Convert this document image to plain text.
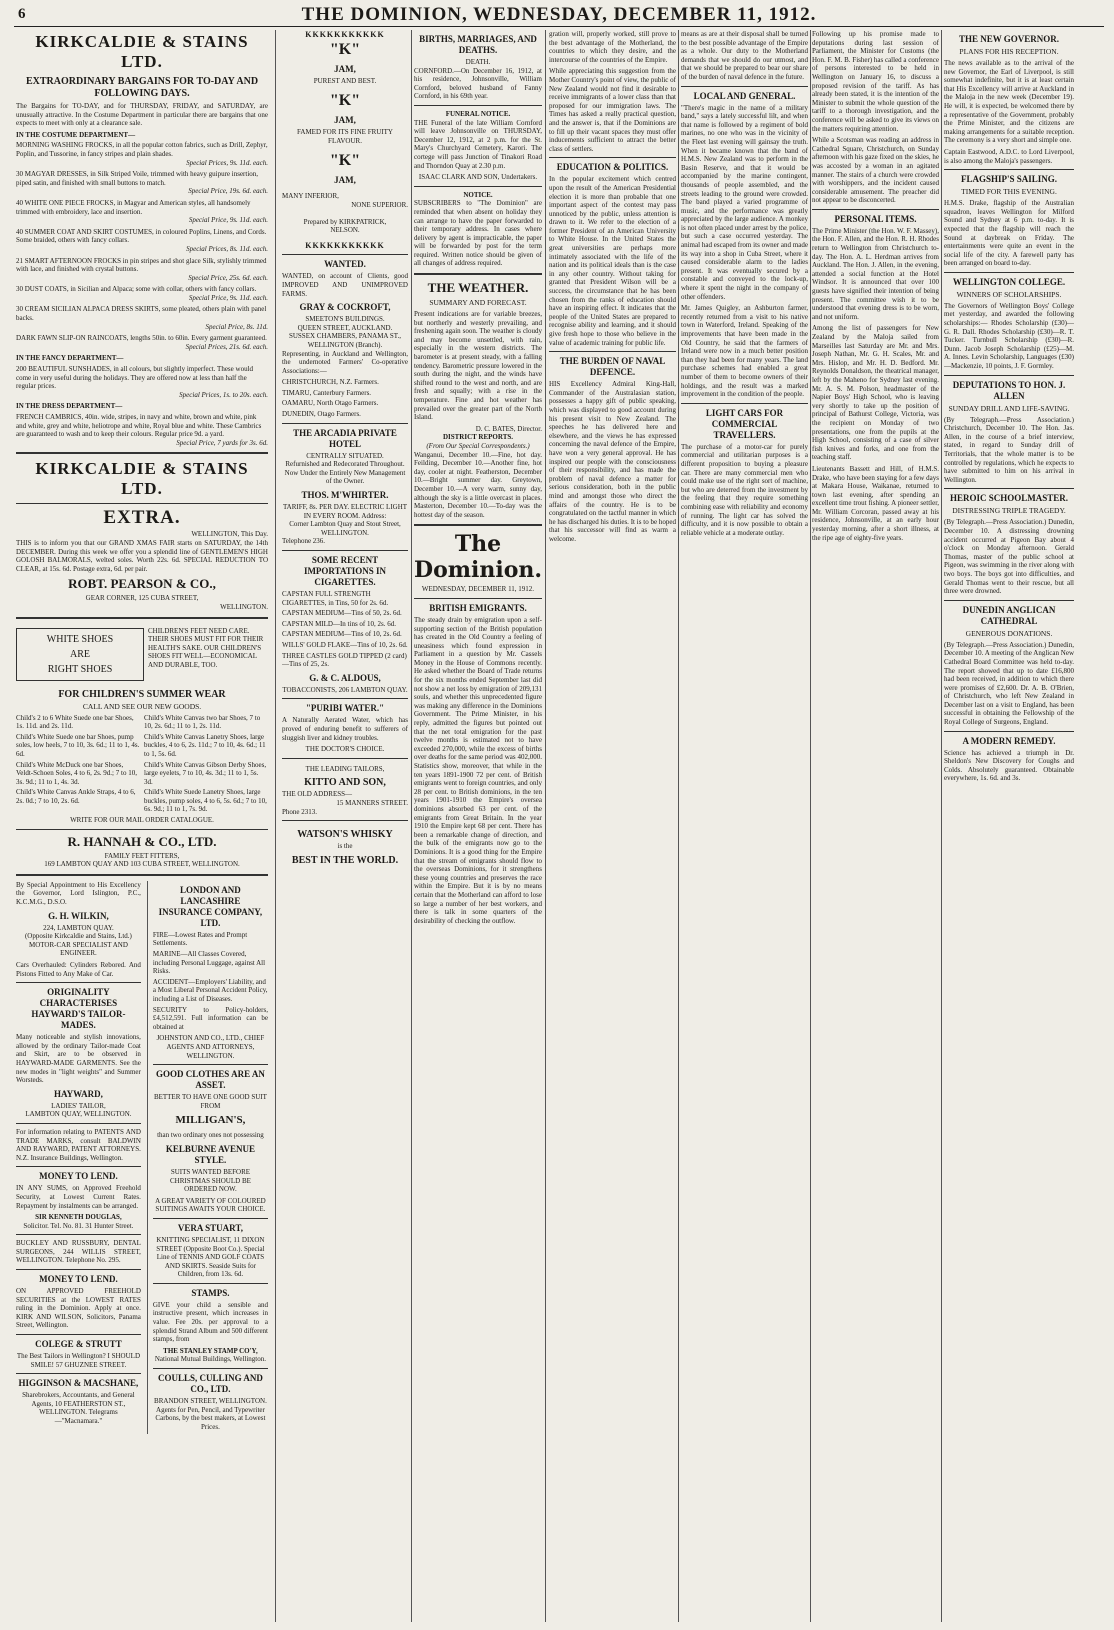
6	THE DOMINION, WEDNESDAY, DECEMBER 11, 1912.
KIRKCALDIE & STAINS LTD.
EXTRAORDINARY BARGAINS FOR TO-DAY AND FOLLOWING DAYS.

The Bargains for TO-DAY, and for THURSDAY, FRIDAY, and SATURDAY, are unusually attractive. In the Costume Department in particular there are bargains that one expects to meet with only at a clearance sale.

IN THE COSTUME DEPARTMENT—
MORNING WASHING FROCKS, in all the popular cotton fabrics, such as Drill, Zephyr, Poplin, and Tussorine, in fancy stripes and plain shades.
Special Prices, 9s. 11d. each.
30 MAGYAR DRESSES, in Silk Striped Voile, trimmed with heavy guipure insertion, piped satin, and finished with small buttons to match.
Special Price, 19s. 6d. each.
40 WHITE ONE PIECE FROCKS, in Magyar and American styles, all handsomely trimmed with embroidery, lace and insertion.
Special Price, 9s. 11d. each.
40 SUMMER COAT AND SKIRT COSTUMES, in coloured Poplins, Linens, and Cords. Some braided, others with fancy collars.
Special Prices, 8s. 11d. each.
21 SMART AFTERNOON FROCKS in pin stripes and shot glace Silk, stylishly trimmed with lace, and finished with crystal buttons.
Special Price, 25s. 6d. each.
30 DUST COATS, in Sicilian and Alpaca; some with collar, others with fancy collars.
Special Price, 9s. 11d. each.
30 CREAM SICILIAN ALPACA DRESS SKIRTS, some pleated, others plain with panel backs.
Special Price, 8s. 11d.
DARK FAWN SLIP-ON RAINCOATS, lengths 50in. to 60in. Every garment guaranteed.
Special Prices, 21s. 6d. each.
IN THE FANCY DEPARTMENT—
200 BEAUTIFUL SUNSHADES, in all colours, but slightly imperfect. These would come in very useful during the holidays. They are offered now at less than half the regular prices.
Special Prices, 1s. to 20s. each.
IN THE DRESS DEPARTMENT—
FRENCH CAMBRICS, 40in. wide, stripes, in navy and white, brown and white, pink and white, grey and white, heliotrope and white, Royal blue and white. These Cambrics are guaranteed to wash and to keep their colours. Regular price 9d. a yard.
Special Price, 7 yards for 3s. 6d.
KIRKCALDIE & STAINS LTD.
EXTRA.
WELLINGTON, This Day.

THIS is to inform you that our GRAND XMAS FAIR starts on SATURDAY, the 14th DECEMBER. During this week we offer you a splendid line of GENTLEMEN'S HIGH GOLOSH BALMORALS, welted soles. Worth 22s. 6d. SPECIAL REDUCTION TO CLEAR, at 15s. 6d. Postage extra, 6d. per pair.

ROBT. PEARSON & CO.,
GEAR CORNER, 125 CUBA STREET,
WELLINGTON.
WHITE SHOES
ARE
RIGHT SHOES
CHILDREN'S FEET NEED CARE. THEIR SHOES MUST FIT FOR THEIR HEALTH'S SAKE. OUR CHILDREN'S SHOES FIT WELL—ECONOMICAL AND DURABLE, TOO.
FOR CHILDREN'S SUMMER WEAR
CALL AND SEE OUR NEW GOODS.
Child's 2 to 6 White Suede one bar Shoes, 1s. 11d. and 2s. 11d.
Child's White Suede one bar Shoes, pump soles, low heels, 7 to 10, 3s. 6d.; 11 to 1, 4s. 6d.
Child's White McDuck one bar Shoes, Veldt-Schoen Soles, 4 to 6, 2s. 9d.; 7 to 10, 3s. 9d.; 11 to 1, 4s. 3d.
Child's White Canvas Ankle Straps, 4 to 6, 2s. 0d.; 7 to 10, 2s. 6d.
Child's White Canvas two bar Shoes, 7 to 10, 2s. 6d.; 11 to 1, 2s. 11d.
Child's White Canvas Lanetry Shoes, large buckles, 4 to 6, 2s. 11d.; 7 to 10, 4s. 6d.; 11 to 1, 5s. 6d.
Child's White Canvas Gibson Derby Shoes, large eyelets, 7 to 10, 4s. 3d.; 11 to 1, 5s. 3d.
Child's White Suede Lanetry Shoes, large buckles, pump soles, 4 to 6, 5s. 6d.; 7 to 10, 6s. 9d.; 11 to 1, 7s. 9d.
WRITE FOR OUR MAIL ORDER CATALOGUE.
R. HANNAH & CO., LTD.
FAMILY FEET FITTERS,
169 LAMBTON QUAY AND 103 CUBA STREET, WELLINGTON.

By Special Appointment to His Excellency the Governor, Lord Islington, P.C., K.C.M.G., D.S.O.

G. H. WILKIN,
224, LAMBTON QUAY.

(Opposite Kirkcaldie and Stains, Ltd.) MOTOR-CAR SPECIALIST AND ENGINEER.

Cars Overhauled: Cylinders Rebored. And Pistons Fitted to Any Make of Car.

ORIGINALITY CHARACTERISES HAYWARD'S TAILOR-MADES.

Many noticeable and stylish innovations, allowed by the ordinary Tailor-made Coat and Skirt, are to be observed in HAYWARD-MADE GARMENTS. See the new modes in "light weights" and Summer Worsteds.

HAYWARD,
LADIES' TAILOR,
LAMBTON QUAY, WELLINGTON.

For information relating to PATENTS AND TRADE MARKS, consult BALDWIN AND RAYWARD, PATENT ATTORNEYS. N.Z. Insurance Buildings, Wellington.

MONEY TO LEND.

IN ANY SUMS, on Approved Freehold Security, at Lowest Current Rates. Repayment by instalments can be arranged.

SIR KENNETH DOUGLAS,
Solicitor. Tel. No. 81. 31 Hunter Street.

BUCKLEY AND RUSSBURY, DENTAL SURGEONS, 244 WILLIS STREET, WELLINGTON. Telephone No. 295.

MONEY TO LEND.

ON APPROVED FREEHOLD SECURITIES at the LOWEST RATES ruling in the Dominion. Apply at once. KIRK AND WILSON, Solicitors, Panama Street, Wellington.

COLEGE & STRUTT

The Best Tailors in Wellington? I SHOULD SMILE! 57 GHUZNEE STREET.

HIGGINSON & MACSHANE,

Sharebrokers, Accountants, and General Agents, 10 FEATHERSTON ST., WELLINGTON. Telegrams—"Macnamara."

LONDON AND LANCASHIRE INSURANCE COMPANY, LTD.
FIRE—Lowest Rates and Prompt Settlements.
MARINE—All Classes Covered, including Personal Luggage, against All Risks.
ACCIDENT—Employers' Liability, and a Most Liberal Personal Accident Policy, including a List of Diseases.

SECURITY to Policy-holders, £4,512,591. Full information can be obtained at

JOHNSTON AND CO., LTD., CHIEF AGENTS AND ATTORNEYS, WELLINGTON.

GOOD CLOTHES ARE AN ASSET.
BETTER TO HAVE ONE GOOD SUIT FROM
MILLIGAN'S,
than two ordinary ones not possessing
KELBURNE AVENUE STYLE.

SUITS WANTED BEFORE CHRISTMAS SHOULD BE ORDERED NOW.

A GREAT VARIETY OF COLOURED SUITINGS AWAITS YOUR CHOICE.

VERA STUART,

KNITTING SPECIALIST, 11 DIXON STREET (Opposite Boot Co.). Special Line of TENNIS AND GOLF COATS AND SKIRTS. Seaside Suits for Children, from 13s. 6d.

STAMPS.

GIVE your child a sensible and instructive present, which increases in value. Fee 20s. per approval to a splendid Strand Album and 500 different stamps, from

THE STANLEY STAMP CO'Y,
National Mutual Buildings, Wellington.
COULLS, CULLING AND CO., LTD.
BRANDON STREET, WELLINGTON.

Agents for Pen, Pencil, and Typewriter Carbons, by the best makers, at Lowest Prices.

KKKKKKKKKKK
"K"
JAM,
PUREST AND BEST.
"K"
JAM,
FAMED FOR ITS FINE FRUITY FLAVOUR.
"K"
JAM,
MANY INFERIOR,
NONE SUPERIOR.
Prepared by KIRKPATRICK,
NELSON.
KKKKKKKKKKK
WANTED.

WANTED, on account of Clients, good IMPROVED AND UNIMPROVED FARMS.

GRAY & COCKROFT,
SMEETON'S BUILDINGS.
QUEEN STREET, AUCKLAND.
SUSSEX CHAMBERS, PANAMA ST., WELLINGTON (Branch).

Representing, in Auckland and Wellington, the undernoted Farmers' Co-operative Associations:—

CHRISTCHURCH, N.Z. Farmers.
TIMARU, Canterbury Farmers.
OAMARU, North Otago Farmers.
DUNEDIN, Otago Farmers.
THE ARCADIA PRIVATE HOTEL
CENTRALLY SITUATED.

Refurnished and Redecorated Throughout. Now Under the Entirely New Management of the Owner.

THOS. M'WHIRTER.
TARIFF, 8s. PER DAY. ELECTRIC LIGHT IN EVERY ROOM. Address:
Corner Lambton Quay and Stout Street, WELLINGTON.
Telephone 236.
SOME RECENT IMPORTATIONS IN CIGARETTES.
CAPSTAN FULL STRENGTH CIGARETTES, in Tins, 50 for 2s. 6d.
CAPSTAN MEDIUM—Tins of 50, 2s. 6d.
CAPSTAN MILD—In tins of 10, 2s. 6d.
CAPSTAN MEDIUM—Tins of 10, 2s. 6d.
WILLS' GOLD FLAKE—Tins of 10, 2s. 6d.
THREE CASTLES GOLD TIPPED (2 card)—Tins of 25, 2s.
G. & C. ALDOUS,
TOBACCONISTS, 206 LAMBTON QUAY.
"PURIBI WATER."

A Naturally Aerated Water, which has proved of enduring benefit to sufferers of sluggish liver and kidney troubles.

THE DOCTOR'S CHOICE.
THE LEADING TAILORS,
KITTO AND SON,
THE OLD ADDRESS—
15 MANNERS STREET.
Phone 2313.
WATSON'S WHISKY
is the
BEST IN THE WORLD.
BIRTHS, MARRIAGES, AND DEATHS.
DEATH.

CORNFORD.—On December 16, 1912, at his residence, Johnsonville, William Cornford, beloved husband of Fanny Cornford, in his 69th year.

FUNERAL NOTICE.

THE Funeral of the late William Cornford will leave Johnsonville on THURSDAY, December 12, 1912, at 2 p.m. for the St. Mary's Churchyard Cemetery, Karori. The cortege will pass Junction of Tinakori Road and Thorndon Quay at 2.30 p.m.

ISAAC CLARK AND SON, Undertakers.
NOTICE.

SUBSCRIBERS to "The Dominion" are reminded that when absent on holiday they can arrange to have the paper forwarded to their temporary address. In cases where delivery by agent is impracticable, the paper will be forwarded by post for the term required. Written notice should be given of all changes of address required.

THE WEATHER.
SUMMARY AND FORECAST.

Present indications are for variable breezes, but northerly and westerly prevailing, and freshening again soon. The weather is cloudy and may become unsettled, with rain, especially in the western districts. The barometer is at present steady, with a falling tendency. Barometric pressure lowered in the south during the night, and the winds have shifted round to the west and north, and are fresh and squally; with a rise in the temperature. Fine and hot weather has prevailed over the greater part of the North Island.

D. C. BATES, Director.
DISTRICT REPORTS.
(From Our Special Correspondents.)

Wanganui, December 10.—Fine, hot day. Feilding, December 10.—Another fine, hot day, cooler at night. Featherston, December 10.—Bright summer day. Greytown, December 10.—A very warm, sunny day, although the sky is a little overcast in places. Masterton, December 10.—To-day was the hottest day of the season.

The Dominion.
WEDNESDAY, DECEMBER 11, 1912.
BRITISH EMIGRANTS.

The steady drain by emigration upon a self-supporting section of the British population has created in the Old Country a feeling of uneasiness which found expression in Parliament in a question by Mr. Cassels Money in the House of Commons recently. He asked whether the Board of Trade returns for the six months ended September last did not show a net loss by emigration of 209,131 souls, and whether this unprecedented figure was making any difference in the Dominions Government. The Prime Minister, in his reply, admitted the figures but pointed out that the net total emigration for the past twelve months is estimated not to have exceeded 270,000, while the excess of births over deaths for the same period was 402,000. Statistics show, moreover, that while in the ten years 1891-1900 72 per cent. of British emigrants went to foreign countries, and only 28 per cent. to British dominions, in the ten years 1901-1910 the Empire's oversea dominions absorbed 63 per cent. of the emigrants from Great Britain. In the year 1910 the Empire kept 68 per cent. There has been a remarkable change of direction, and the bulk of the emigrants now go to the Dominions. It is a good thing for the Empire that the stream of emigrants should flow to the overseas Dominions, for it strengthens these young countries and preserves the race within the Empire. But it is by no means certain that the Motherland can afford to lose so large a number of her best workers, and there is talk in some quarters of the desirability of checking the outflow.

gration will, properly worked, still prove to the best advantage of the Motherland, the countries to which they desire, and the intercourse of the countries of the Empire.

While appreciating this suggestion from the Mother Country's point of view, the public of New Zealand would not find it desirable to receive immigrants of a lower class than that proposed for our immigration laws. The Times has asked a really practical question, and the answer is, that if the Dominions are to fill up their vacant spaces they must offer inducements sufficient to attract the better class of settlers.

EDUCATION & POLITICS.

In the popular excitement which centred upon the result of the American Presidential election it is more than probable that one important aspect of the contest may pass unnoticed by the public, unless attention is drawn to it. We refer to the election of a former President of an American University to White House. In the United States the great universities are perhaps more intimately associated with the life of the nation and its political ideals than is the case in any other country. Without taking for granted that President Wilson will be a success, the circumstance that he has been chosen from the ranks of education should have an inspiring effect. It indicates that the people of the United States are prepared to recognise ability and learning, and it should give fresh hope to those who believe in the value of academic training for public life.

THE BURDEN OF NAVAL DEFENCE.

HIS Excellency Admiral King-Hall, Commander of the Australasian station, possesses a happy gift of public speaking, which was displayed to good account during his present visit to New Zealand. The speeches he has delivered here and elsewhere, and the views he has expressed concerning the naval defence of the Empire, have won a very general approval. He has inspired our people with the consciousness of their responsibility, and has made the problem of naval defence a matter for serious consideration, both in the public mind and amongst those who direct the affairs of the country. He is to be congratulated on the tactful manner in which he has discharged his duties. It is to be hoped that his successor will find as warm a welcome.

means as are at their disposal shall be turned to the best possible advantage of the Empire as a whole. Our duty to the Motherland demands that we should do our utmost, and that we should be prepared to bear our share of the burden of naval defence in the future.

LOCAL AND GENERAL.

"There's magic in the name of a military band," says a lately successful lilt, and when that name is followed by a regiment of bold marines, no one who was in the vicinity of the Fleet last evening will gainsay the truth. When it became known that the band of H.M.S. New Zealand was to perform in the Basin Reserve, and that it would be accompanied by the marine contingent, thousands of people assembled, and the streets leading to the ground were crowded. The band played a varied programme of music, and the performance was greatly appreciated by the large audience. A monkey is not often placed under arrest by the police, but such a case occurred yesterday. The animal had escaped from its owner and made its way into a shop in Cuba Street, where it caused considerable alarm to the ladies present. It was eventually secured by a constable and conveyed to the lock-up, where it spent the night in the company of other offenders.

Mr. James Quigley, an Ashburton farmer, recently returned from a visit to his native town in Waterford, Ireland. Speaking of the improvements that have been made in the Old Country, he said that the farmers of Ireland were now in a much better position than they had been for many years. The land purchase schemes had enabled a great number of them to become owners of their holdings, and the result was a marked improvement in the condition of the people.

LIGHT CARS FOR COMMERCIAL TRAVELLERS.

The purchase of a motor-car for purely commercial and utilitarian purposes is a different proposition to buying a pleasure car. There are many commercial men who could make use of the right sort of machine, but who are deterred from the investment by the feeling that they require something combining ease with reliability and economy of running. The light car has solved the difficulty, and it is now possible to obtain a reliable vehicle at a moderate outlay.

Following up his promise made to deputations during last session of Parliament, the Minister for Customs (the Hon. F. M. B. Fisher) has called a conference of persons interested to be held in Wellington on January 16, to discuss a proposed revision of the tariff. As has already been stated, it is the intention of the Minister to submit the whole question of the tariff to a thorough investigation, and the conference will be asked to give its views on the matters requiring attention.

While a Scotsman was reading an address in Cathedral Square, Christchurch, on Sunday afternoon with his gaze fixed on the skies, he was accosted by a woman in an agitated manner. The stairs of a church were crowded with worshippers, and the incident caused considerable amusement. The preacher did not appear to be disconcerted.

PERSONAL ITEMS.

The Prime Minister (the Hon. W. F. Massey), the Hon. F. Allen, and the Hon. R. H. Rhodes return to Wellington from Christchurch to-day. The Hon. A. L. Herdman arrives from Auckland. The Hon. J. Allen, in the evening, attended a social function at the Hotel Windsor. It is announced that over 100 guests have signified their intention of being present. The committee wish it to be understood that evening dress is to be worn, and not uniform.

Among the list of passengers for New Zealand by the Maloja sailed from Marseilles last Saturday are Mr. and Mrs. Joseph Nathan, Mr. G. H. Scales, Mr. and Mrs. Hislop, and Mr. H. D. Bedford. Mr. Reynolds Donaldson, the theatrical manager, left by the Maheno for Sydney last evening. Mr. A. S. M. Polson, headmaster of the Napier Boys' High School, who is leaving very shortly to take up the position of principal of Bathurst College, Victoria, was the recipient on Monday of two presentations, one from the pupils at the High School, consisting of a case of silver fish knives and forks, and one from the teaching staff.

Lieutenants Bassett and Hill, of H.M.S. Drake, who have been staying for a few days at Makara House, Waikanae, returned to town last evening, after spending an excellent time trout fishing. A pioneer settler, Mr. William Corcoran, passed away at his residence, Johnsonville, at an early hour yesterday morning, after a short illness, at the ripe age of eighty-five years.

THE NEW GOVERNOR.
PLANS FOR HIS RECEPTION.

The news available as to the arrival of the new Governor, the Earl of Liverpool, is still somewhat indefinite, but it is at least certain that His Excellency will arrive at Auckland in the Maloja in the new week (December 19). He will, it is expected, be welcomed there by a representative of the Government, probably the Prime Minister, and the citizens are making arrangements for a suitable reception. The ceremony is a very short and simple one.

Captain Eastwood, A.D.C. to Lord Liverpool, is also among the Maloja's passengers.

FLAGSHIP'S SAILING.
TIMED FOR THIS EVENING.

H.M.S. Drake, flagship of the Australian squadron, leaves Wellington for Milford Sound and Sydney at 6 p.m. to-day. It is expected that the flagship will reach the Sound at daybreak on Friday. The entertainments were quite an event in the social life of the city. A farewell party has been arranged on board to-day.

WELLINGTON COLLEGE.
WINNERS OF SCHOLARSHIPS.

The Governors of Wellington Boys' College met yesterday, and awarded the following scholarships:— Rhodes Scholarship (£30)—G. R. Dall. Rhodes Scholarship (£30)—R. T. Tucker. Turnbull Scholarship (£30)—R. Dunn. Jacob Joseph Scholarship (£25)—M. A. Innes. Levin Scholarship, Languages (£30)—Mackenzie, 10 points, J. F. Gormley.

DEPUTATIONS TO HON. J. ALLEN
SUNDAY DRILL AND LIFE-SAVING.

(By Telegraph.—Press Association.) Christchurch, December 10. The Hon. Jas. Allen, in the course of a brief interview, stated, in regard to Sunday drill of Territorials, that the whole matter is to be controlled by regulations, which he expects to have submitted to him on his arrival in Wellington.

HEROIC SCHOOLMASTER.
DISTRESSING TRIPLE TRAGEDY.

(By Telegraph.—Press Association.) Dunedin, December 10. A distressing drowning accident occurred at Pigeon Bay about 4 o'clock on Monday afternoon. Gerald Thomas, master of the public school at Pigeon, was swimming in the river along with two boys. The boys got into difficulties, and Gerald Thomas went to their rescue, but all three were drowned.

DUNEDIN ANGLICAN CATHEDRAL
GENEROUS DONATIONS.

(By Telegraph.—Press Association.) Dunedin, December 10. A meeting of the Anglican New Cathedral Board Committee was held to-day. The report showed that up to date £16,800 had been received, in addition to which there were promises of £2,600. Dr. A. B. O'Brien, of Christchurch, who left New Zealand in December last on a visit to England, has been successful in obtaining the Fellowship of the Royal College of Surgeons, England.

A MODERN REMEDY.

Science has achieved a triumph in Dr. Sheldon's New Discovery for Coughs and Colds. Absolutely guaranteed. Obtainable everywhere, 1s. 6d. and 3s.
